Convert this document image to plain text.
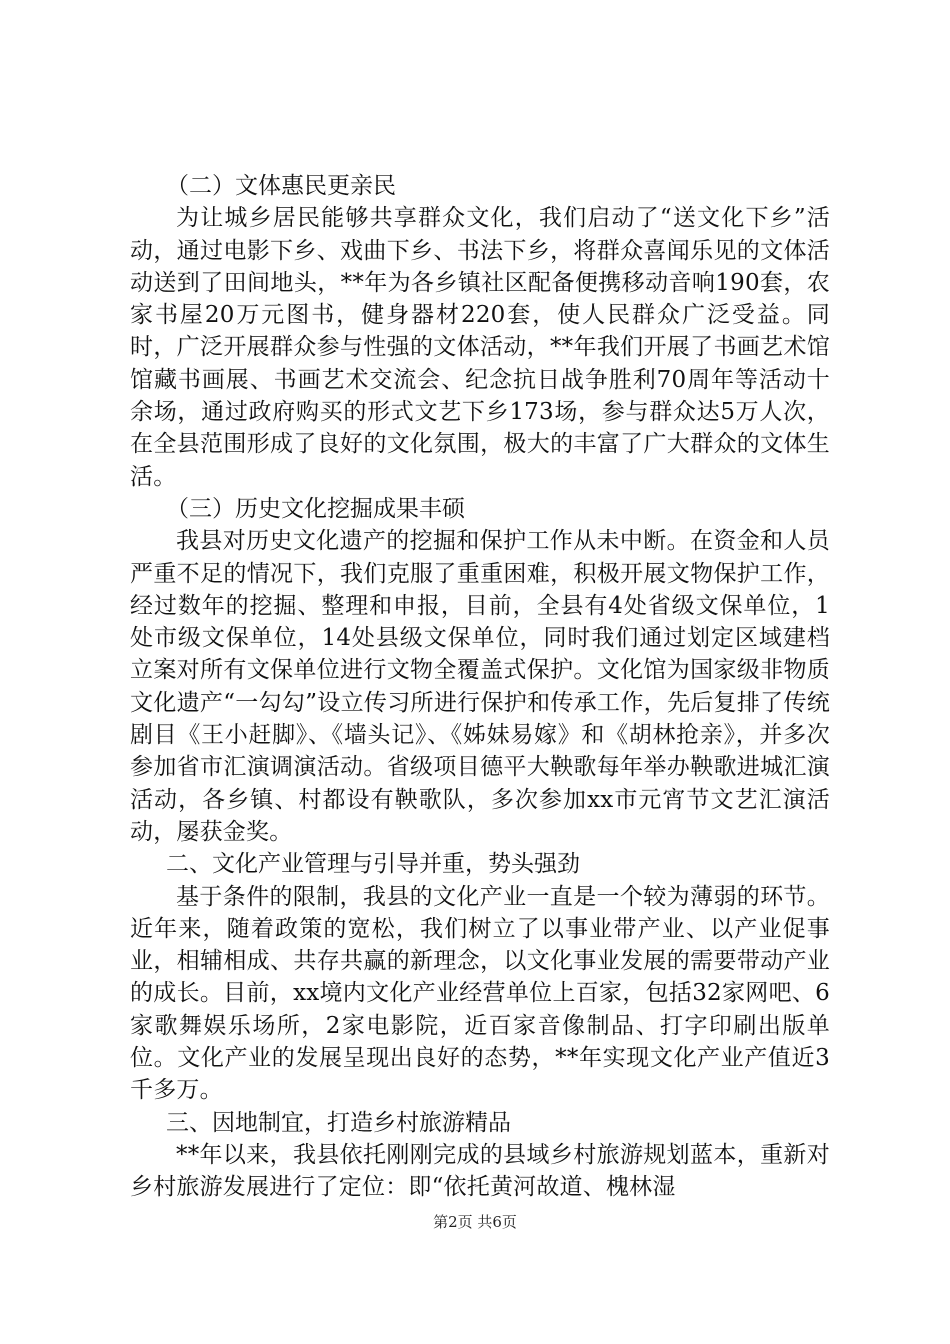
（二）文体惠民更亲民

为让城乡居民能够共享群众文化，我们启动了“送文化下乡”活动，通过电影下乡、戏曲下乡、书法下乡，将群众喜闻乐见的文体活动送到了田间地头，**年为各乡镇社区配备便携移动音响190套，农家书屋20万元图书，健身器材220套，使人民群众广泛受益。同时，广泛开展群众参与性强的文体活动，**年我们开展了书画艺术馆馆藏书画展、书画艺术交流会、纪念抗日战争胜利70周年等活动十余场，通过政府购买的形式文艺下乡173场，参与群众达5万人次，在全县范围形成了良好的文化氛围，极大的丰富了广大群众的文体生活。

（三）历史文化挖掘成果丰硕

我县对历史文化遗产的挖掘和保护工作从未中断。在资金和人员严重不足的情况下，我们克服了重重困难，积极开展文物保护工作，经过数年的挖掘、整理和申报，目前，全县有4处省级文保单位，1处市级文保单位，14处县级文保单位，同时我们通过划定区域建档立案对所有文保单位进行文物全覆盖式保护。文化馆为国家级非物质文化遗产“一勾勾”设立传习所进行保护和传承工作，先后复排了传统剧目《王小赶脚》、《墙头记》、《姊妹易嫁》和《胡林抢亲》，并多次参加省市汇演调演活动。省级项目德平大鞅歌每年举办鞅歌进城汇演活动，各乡镇、村都设有鞅歌队，多次参加xx市元宵节文艺汇演活动，屡获金奖。

二、文化产业管理与引导并重，势头强劲

基于条件的限制，我县的文化产业一直是一个较为薄弱的环节。近年来，随着政策的宽松，我们树立了以事业带产业、以产业促事业，相辅相成、共存共赢的新理念，以文化事业发展的需要带动产业的成长。目前，xx境内文化产业经营单位上百家，包括32家网吧、6家歌舞娱乐场所，2家电影院，近百家音像制品、打字印刷出版单位。文化产业的发展呈现出良好的态势，**年实现文化产业产值近3千多万。

三、因地制宜，打造乡村旅游精品

**年以来，我县依托刚刚完成的县域乡村旅游规划蓝本，重新对乡村旅游发展进行了定位：即“依托黄河故道、槐林湿

第2页 共6页
